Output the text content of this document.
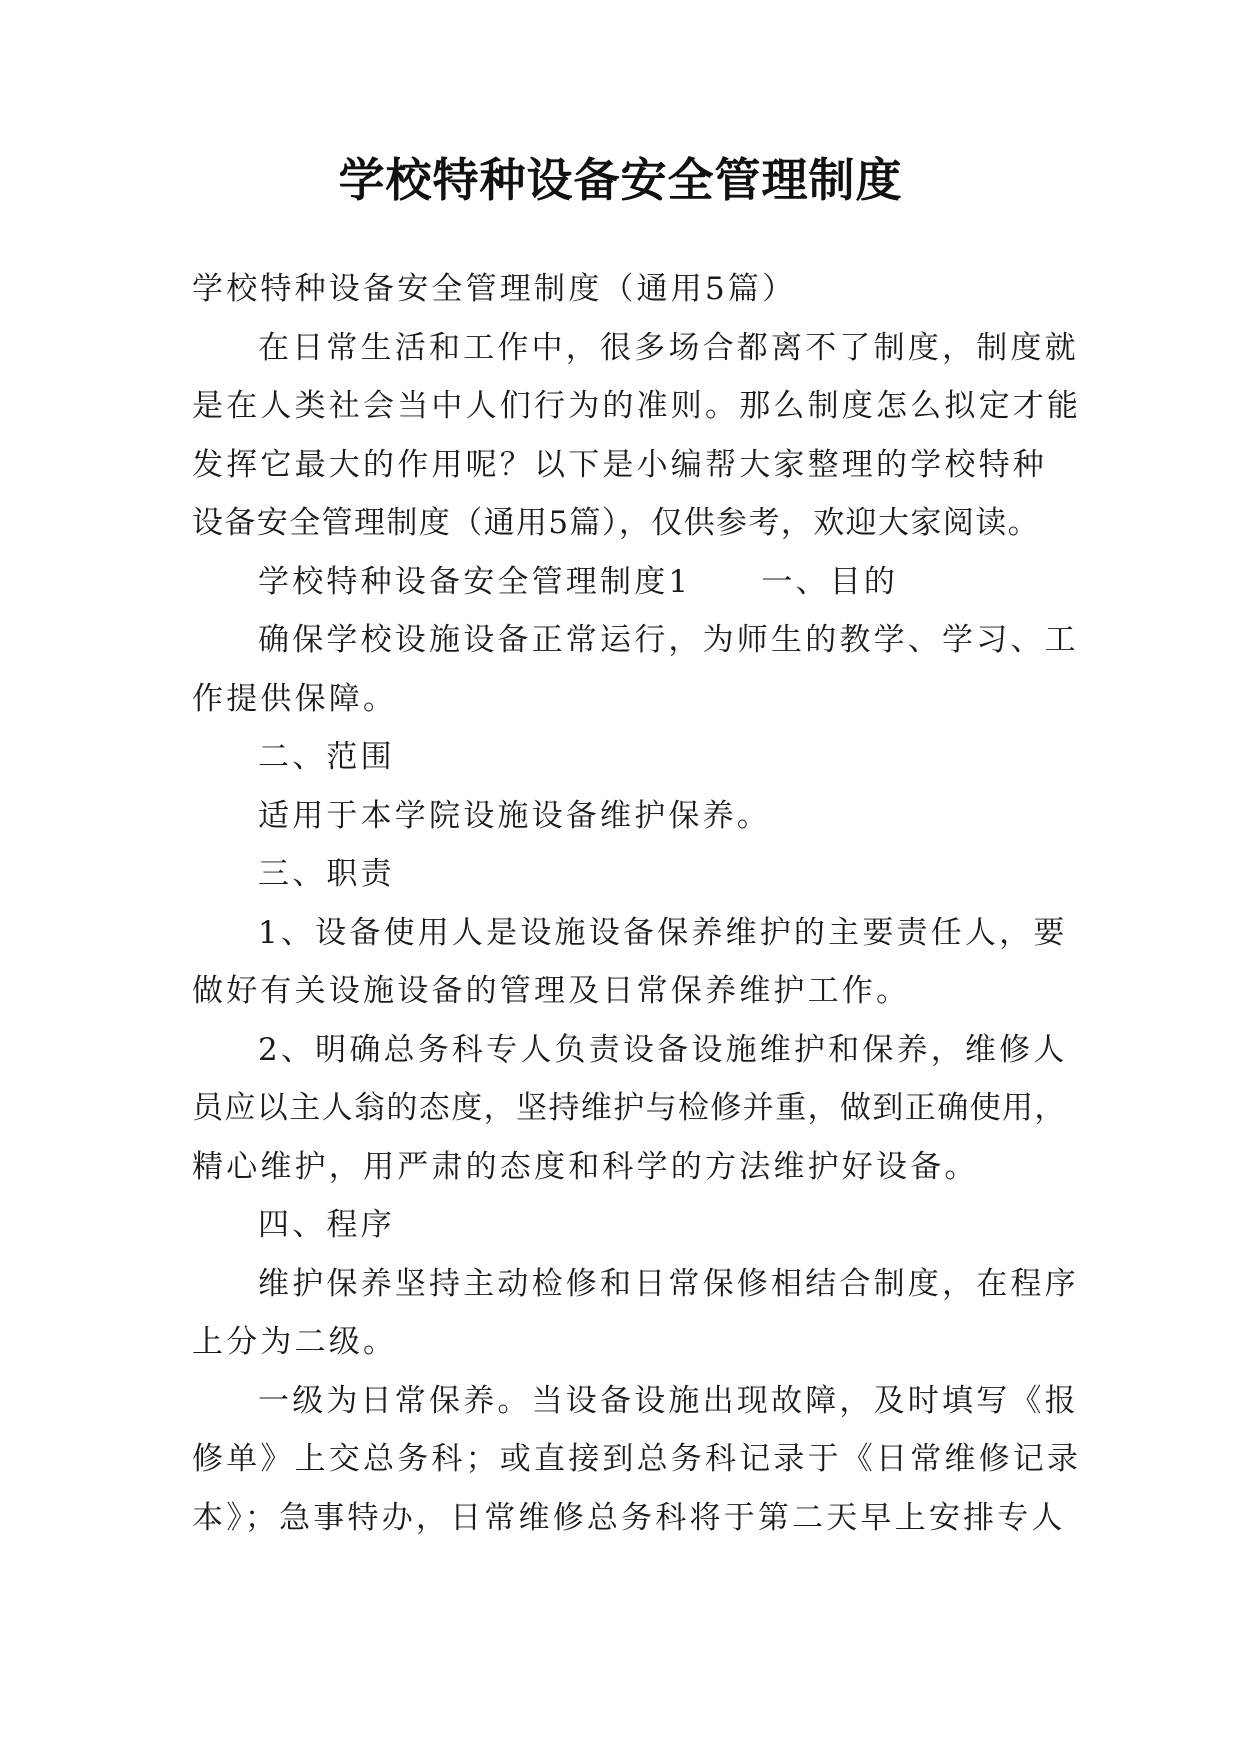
学校特种设备安全管理制度
学校特种设备安全管理制度（通用5篇）
在日常生活和工作中，很多场合都离不了制度，制度就
是在人类社会当中人们行为的准则。那么制度怎么拟定才能
发挥它最大的作用呢？以下是小编帮大家整理的学校特种
设备安全管理制度（通用5篇），仅供参考，欢迎大家阅读。
学校特种设备安全管理制度1 一、目的
确保学校设施设备正常运行，为师生的教学、学习、工
作提供保障。
二、范围
适用于本学院设施设备维护保养。
三、职责
1、设备使用人是设施设备保养维护的主要责任人，要
做好有关设施设备的管理及日常保养维护工作。
2、明确总务科专人负责设备设施维护和保养，维修人
员应以主人翁的态度，坚持维护与检修并重，做到正确使用，
精心维护，用严肃的态度和科学的方法维护好设备。
四、程序
维护保养坚持主动检修和日常保修相结合制度，在程序
上分为二级。
一级为日常保养。当设备设施出现故障，及时填写《报
修单》上交总务科；或直接到总务科记录于《日常维修记录
本》；急事特办，日常维修总务科将于第二天早上安排专人
